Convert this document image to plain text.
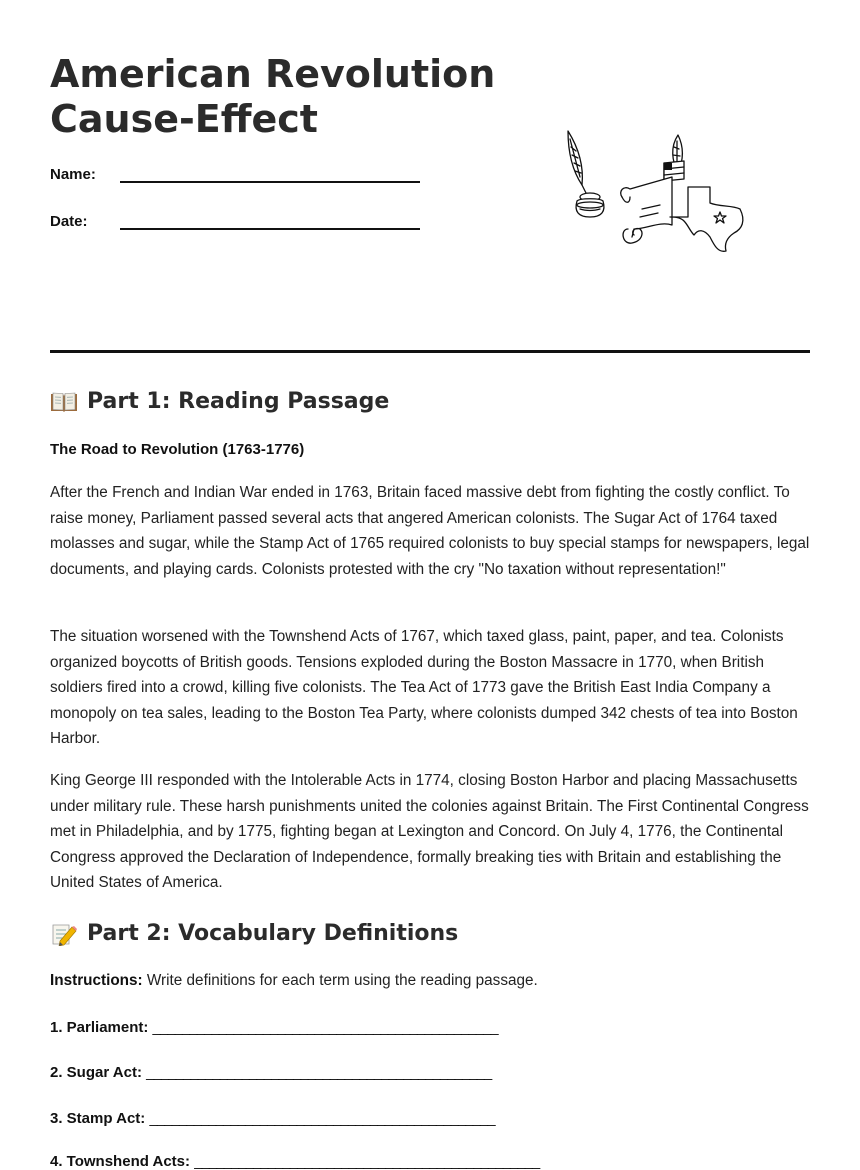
American Revolution
Cause-Effect
Name:
Date:
Part 1: Reading Passage
The Road to Revolution (1763-1776)

After the French and Indian War ended in 1763, Britain faced massive debt from fighting the costly conflict. To raise money, Parliament passed several acts that angered American colonists. The Sugar Act of 1764 taxed molasses and sugar, while the Stamp Act of 1765 required colonists to buy special stamps for newspapers, legal documents, and playing cards. Colonists protested with the cry "No taxation without representation!"

The situation worsened with the Townshend Acts of 1767, which taxed glass, paint, paper, and tea. Colonists organized boycotts of British goods. Tensions exploded during the Boston Massacre in 1770, when British soldiers fired into a crowd, killing five colonists. The Tea Act of 1773 gave the British East India Company a monopoly on tea sales, leading to the Boston Tea Party, where colonists dumped 342 chests of tea into Boston Harbor.

King George III responded with the Intolerable Acts in 1774, closing Boston Harbor and placing Massachusetts under military rule. These harsh punishments united the colonies against Britain. The First Continental Congress met in Philadelphia, and by 1775, fighting began at Lexington and Concord. On July 4, 1776, the Continental Congress approved the Declaration of Independence, formally breaking ties with Britain and establishing the United States of America.

Part 2: Vocabulary Definitions
Instructions: Write definitions for each term using the reading passage.
1. Parliament: _______________________________________________
2. Sugar Act: _______________________________________________
3. Stamp Act: _______________________________________________
4. Townshend Acts: _______________________________________________
